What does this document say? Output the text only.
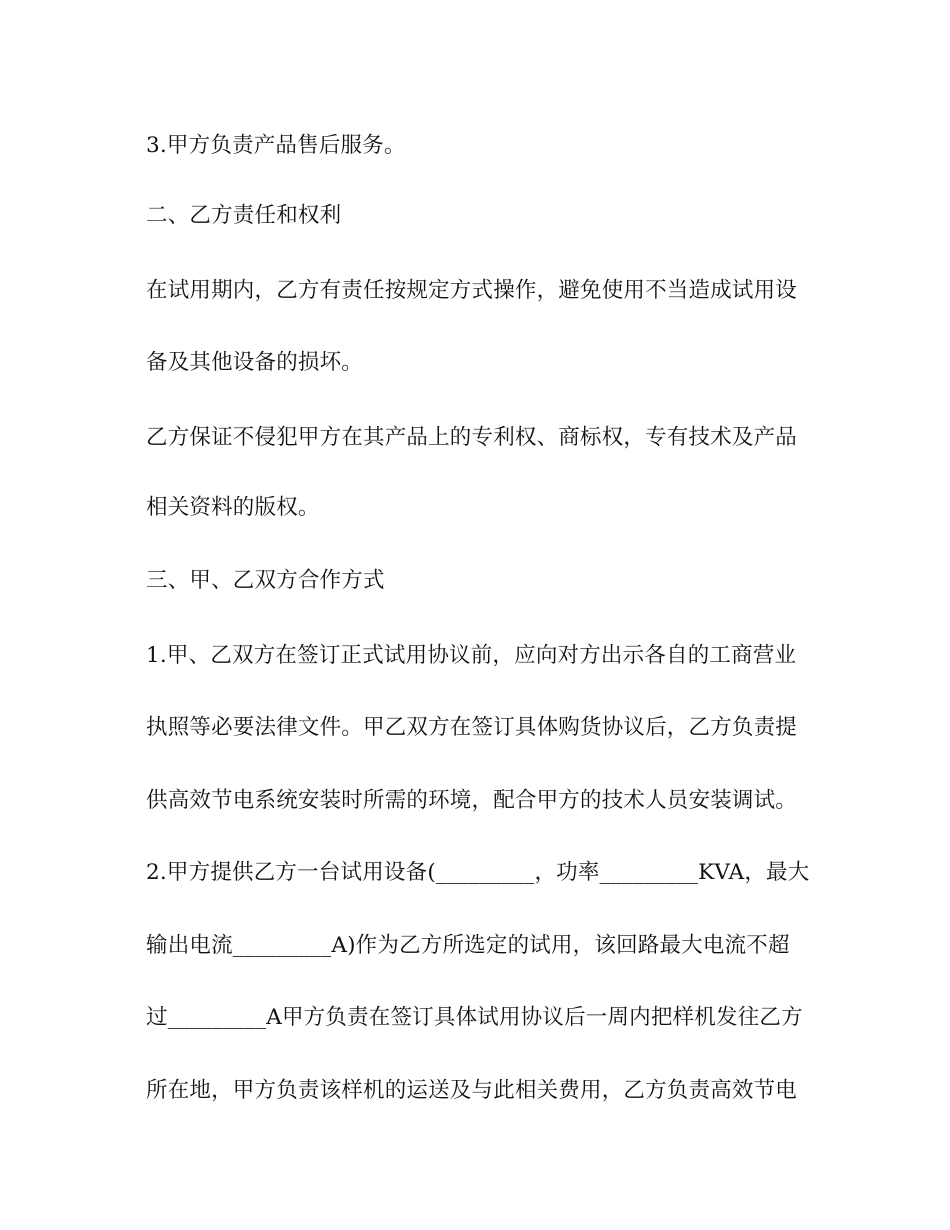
3.甲方负责产品售后服务。

二、乙方责任和权利

在试用期内，乙方有责任按规定方式操作，避免使用不当造成试用设

备及其他设备的损坏。

乙方保证不侵犯甲方在其产品上的专利权、商标权，专有技术及产品

相关资料的版权。

三、甲、乙双方合作方式

1.甲、乙双方在签订正式试用协议前，应向对方出示各自的工商营业

执照等必要法律文件。甲乙双方在签订具体购货协议后，乙方负责提

供高效节电系统安装时所需的环境，配合甲方的技术人员安装调试。

2.甲方提供乙方一台试用设备(_________，功率_________KVA，最大

输出电流_________A)作为乙方所选定的试用，该回路最大电流不超

过_________A甲方负责在签订具体试用协议后一周内把样机发往乙方

所在地，甲方负责该样机的运送及与此相关费用，乙方负责高效节电
